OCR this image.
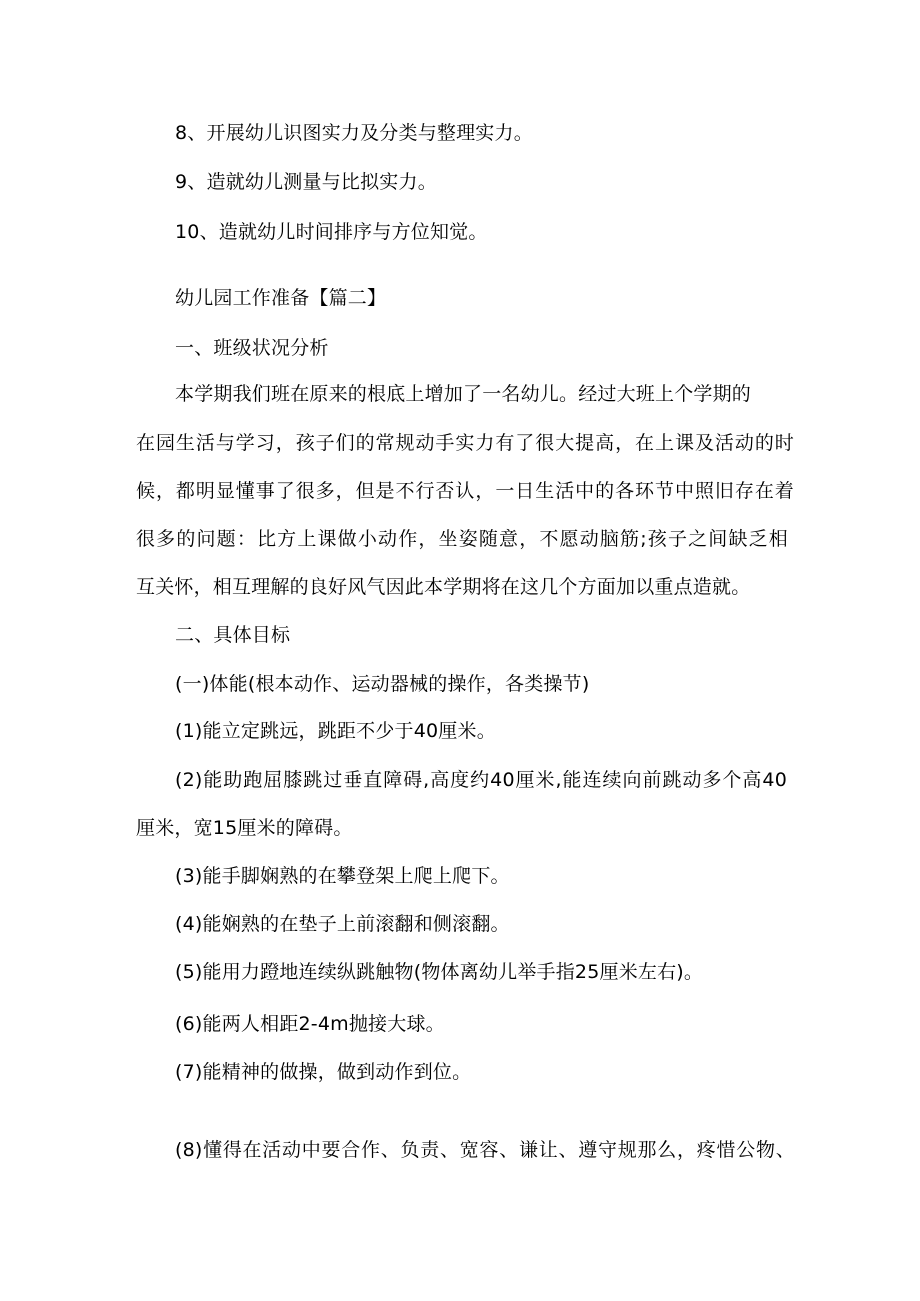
8、开展幼儿识图实力及分类与整理实力。
9、造就幼儿测量与比拟实力。
10、造就幼儿时间排序与方位知觉。
幼儿园工作准备【篇二】
一、班级状况分析
本学期我们班在原来的根底上增加了一名幼儿。经过大班上个学期的
在园生活与学习，孩子们的常规动手实力有了很大提高，在上课及活动的时
候，都明显懂事了很多，但是不行否认，一日生活中的各环节中照旧存在着
很多的问题：比方上课做小动作，坐姿随意，不愿动脑筋;孩子之间缺乏相
互关怀，相互理解的良好风气因此本学期将在这几个方面加以重点造就。
二、具体目标
(一)体能(根本动作、运动器械的操作，各类操节)
(1)能立定跳远，跳距不少于40厘米。
(2)能助跑屈膝跳过垂直障碍,高度约40厘米,能连续向前跳动多个高40
厘米，宽15厘米的障碍。
(3)能手脚娴熟的在攀登架上爬上爬下。
(4)能娴熟的在垫子上前滚翻和侧滚翻。
(5)能用力蹬地连续纵跳触物(物体离幼儿举手指25厘米左右)。
(6)能两人相距2-4m抛接大球。
(7)能精神的做操，做到动作到位。
(8)懂得在活动中要合作、负责、宽容、谦让、遵守规那么，疼惜公物、
